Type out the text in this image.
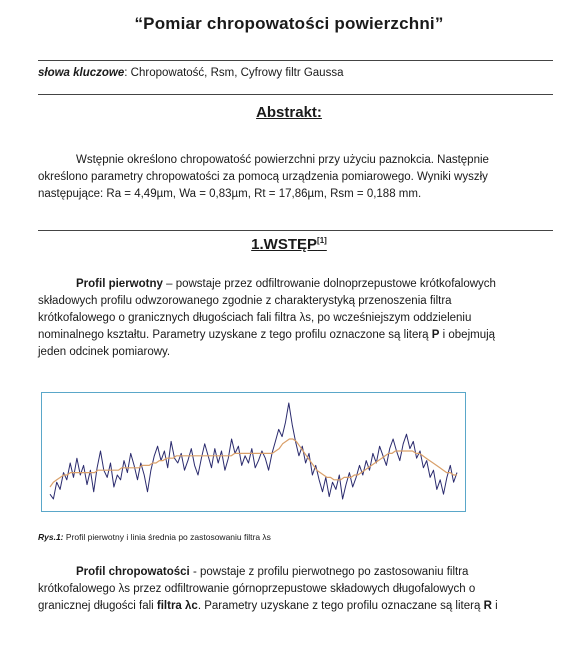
“Pomiar chropowatości powierzchni”
słowa kluczowe: Chropowatość, Rsm, Cyfrowy filtr Gaussa
Abstrakt:
Wstępnie określono chropowatość powierzchni przy użyciu paznokcia. Następnie
określono parametry chropowatości za pomocą urządzenia pomiarowego. Wyniki wyszły
następujące: Ra = 4,49µm, Wa = 0,83µm, Rt = 17,86µm, Rsm = 0,188 mm.
1.WSTĘP[1]
Profil pierwotny – powstaje przez odfiltrowanie dolnoprzepustowe krótkofalowych
składowych profilu odwzorowanego zgodnie z charakterystyką przenoszenia filtra
krótkofalowego o granicznych długościach fali filtra λs, po wcześniejszym oddzieleniu
nominalnego kształtu. Parametry uzyskane z tego profilu oznaczone są literą P i obejmują
jeden odcinek pomiarowy.
Rys.1: Profil pierwotny i linia średnia po zastosowaniu filtra λs
Profil chropowatości - powstaje z profilu pierwotnego po zastosowaniu filtra
krótkofalowego λs przez odfiltrowanie górnoprzepustowe składowych długofalowych o
granicznej długości fali filtra λc. Parametry uzyskane z tego profilu oznaczane są literą R i
